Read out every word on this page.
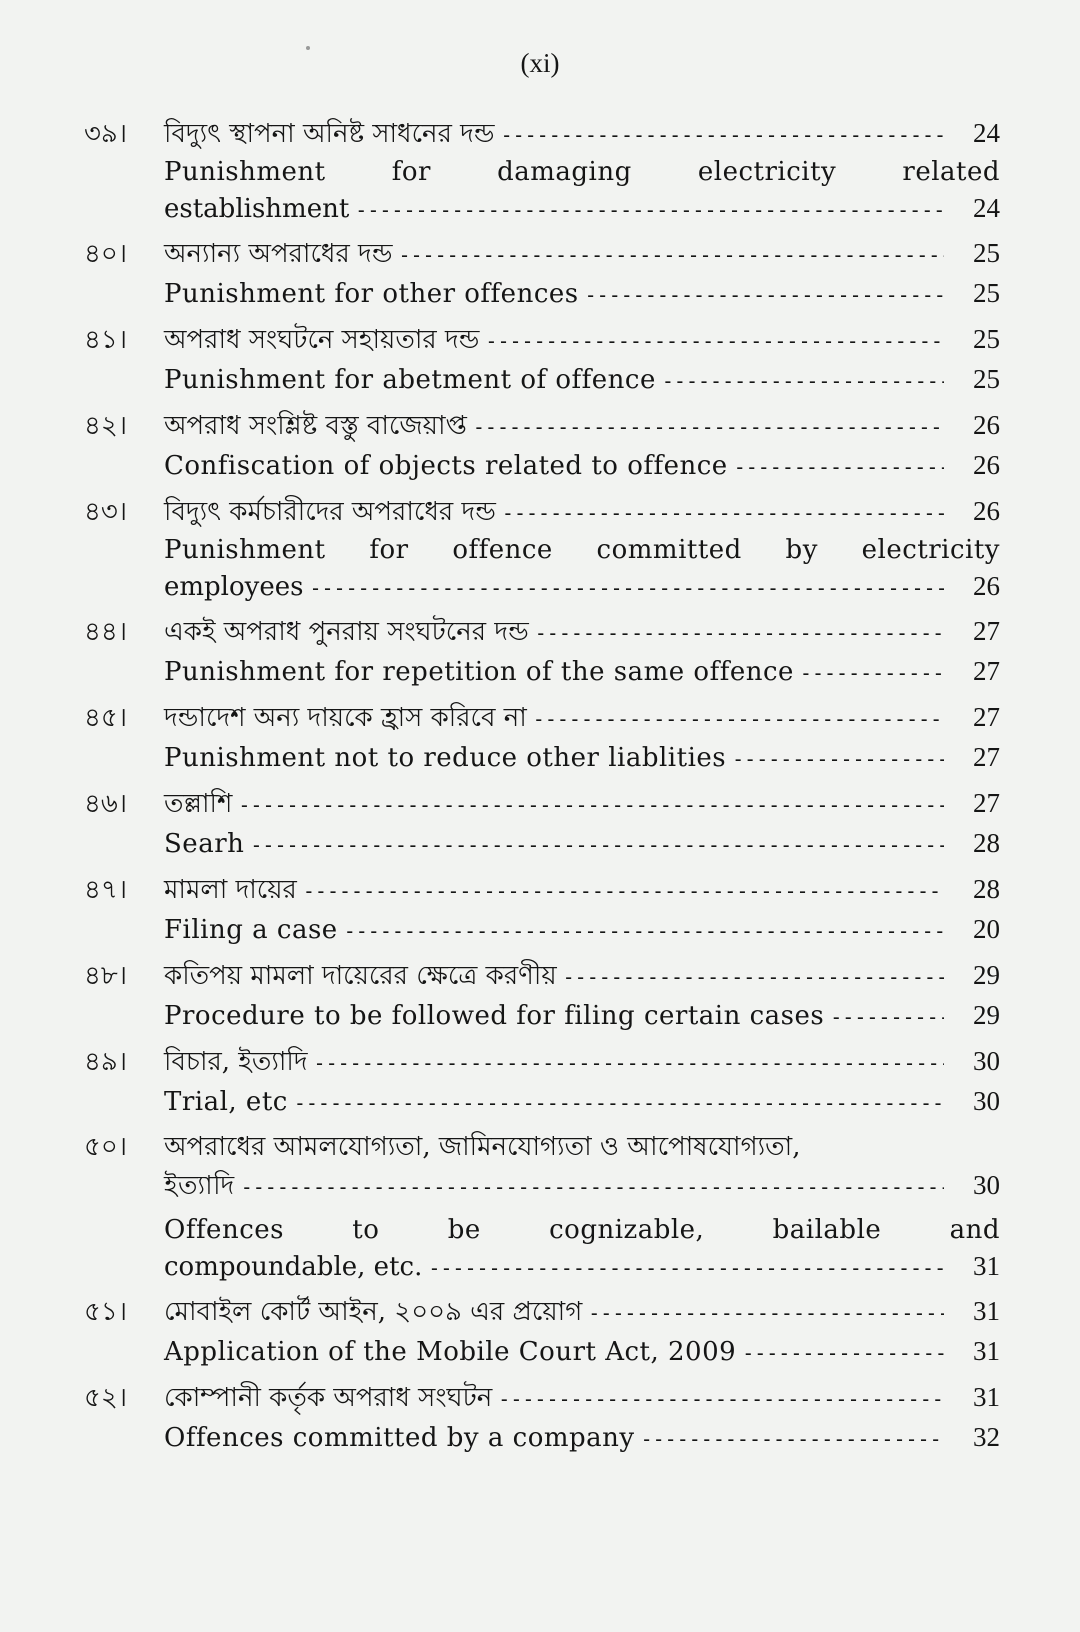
(xi)
৩৯।	বিদ্যুৎ স্থাপনা অনিষ্ট সাধনের দন্ড -----	24
Punishment for damaging electricity related
establishment -----	24
৪০।	অন্যান্য অপরাধের দন্ড -----	25
Punishment for other offences -----	25
৪১।	অপরাধ সংঘটনে সহায়তার দন্ড -----	25
Punishment for abetment of offence -----	25
৪২।	অপরাধ সংশ্লিষ্ট বস্তু বাজেয়াপ্ত -----	26
Confiscation of objects related to offence -----	26
৪৩।	বিদ্যুৎ কর্মচারীদের অপরাধের দন্ড -----	26
Punishment for offence committed by electricity
employees -----	26
৪৪।	একই অপরাধ পুনরায় সংঘটনের দন্ড -----	27
Punishment for repetition of the same offence -----	27
৪৫।	দন্ডাদেশ অন্য দায়কে হ্রাস করিবে না -----	27
Punishment not to reduce other liablities -----	27
৪৬।	তল্লাশি -----	27
Searh -----	28
৪৭।	মামলা দায়ের -----	28
Filing a case -----	20
৪৮।	কতিপয় মামলা দায়েরের ক্ষেত্রে করণীয় -----	29
Procedure to be followed for filing certain cases -----	29
৪৯।	বিচার, ইত্যাদি -----	30
Trial, etc -----	30
৫০।	অপরাধের আমলযোগ্যতা, জামিনযোগ্যতা ও আপোষযোগ্যতা,
ইত্যাদি -----	30
Offences to be cognizable, bailable and
compoundable, etc. -----	31
৫১।	মোবাইল কোর্ট আইন, ২০০৯ এর প্রয়োগ -----	31
Application of the Mobile Court Act, 2009 -----	31
৫২।	কোম্পানী কর্তৃক অপরাধ সংঘটন -----	31
Offences committed by a company -----	32
